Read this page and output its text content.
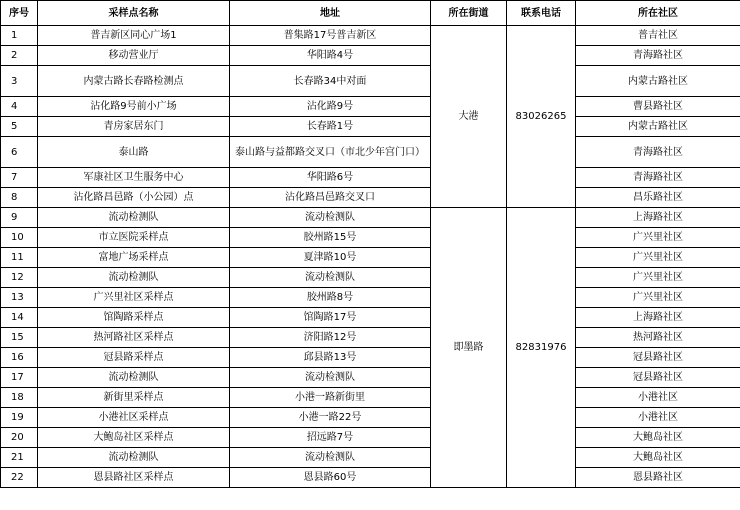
序号	采样点名称	地址	所在街道	联系电话	所在社区
1	普吉新区同心广场1	普集路17号普吉新区	大港	83026265	普吉社区
2	移动营业厅	华阳路4号			青海路社区
3	内蒙古路长春路检测点	长春路34中对面			内蒙古路社区
4	沾化路9号前小广场	沾化路9号			曹县路社区
5	青房家居东门	长春路1号			内蒙古路社区
6	泰山路	泰山路与益都路交叉口（市北少年宫门口）			青海路社区
7	军康社区卫生服务中心	华阳路6号			青海路社区
8	沾化路昌邑路（小公园）点	沾化路昌邑路交叉口			昌乐路社区
9	流动检测队	流动检测队	即墨路	82831976	上海路社区
10	市立医院采样点	胶州路15号			广兴里社区
11	富地广场采样点	夏津路10号			广兴里社区
12	流动检测队	流动检测队			广兴里社区
13	广兴里社区采样点	胶州路8号			广兴里社区
14	馆陶路采样点	馆陶路17号			上海路社区
15	热河路社区采样点	济阳路12号			热河路社区
16	冠县路采样点	邱县路13号			冠县路社区
17	流动检测队	流动检测队			冠县路社区
18	新街里采样点	小港一路新街里			小港社区
19	小港社区采样点	小港一路22号			小港社区
20	大鲍岛社区采样点	招远路7号			大鲍岛社区
21	流动检测队	流动检测队			大鲍岛社区
22	恩县路社区采样点	恩县路60号			恩县路社区
